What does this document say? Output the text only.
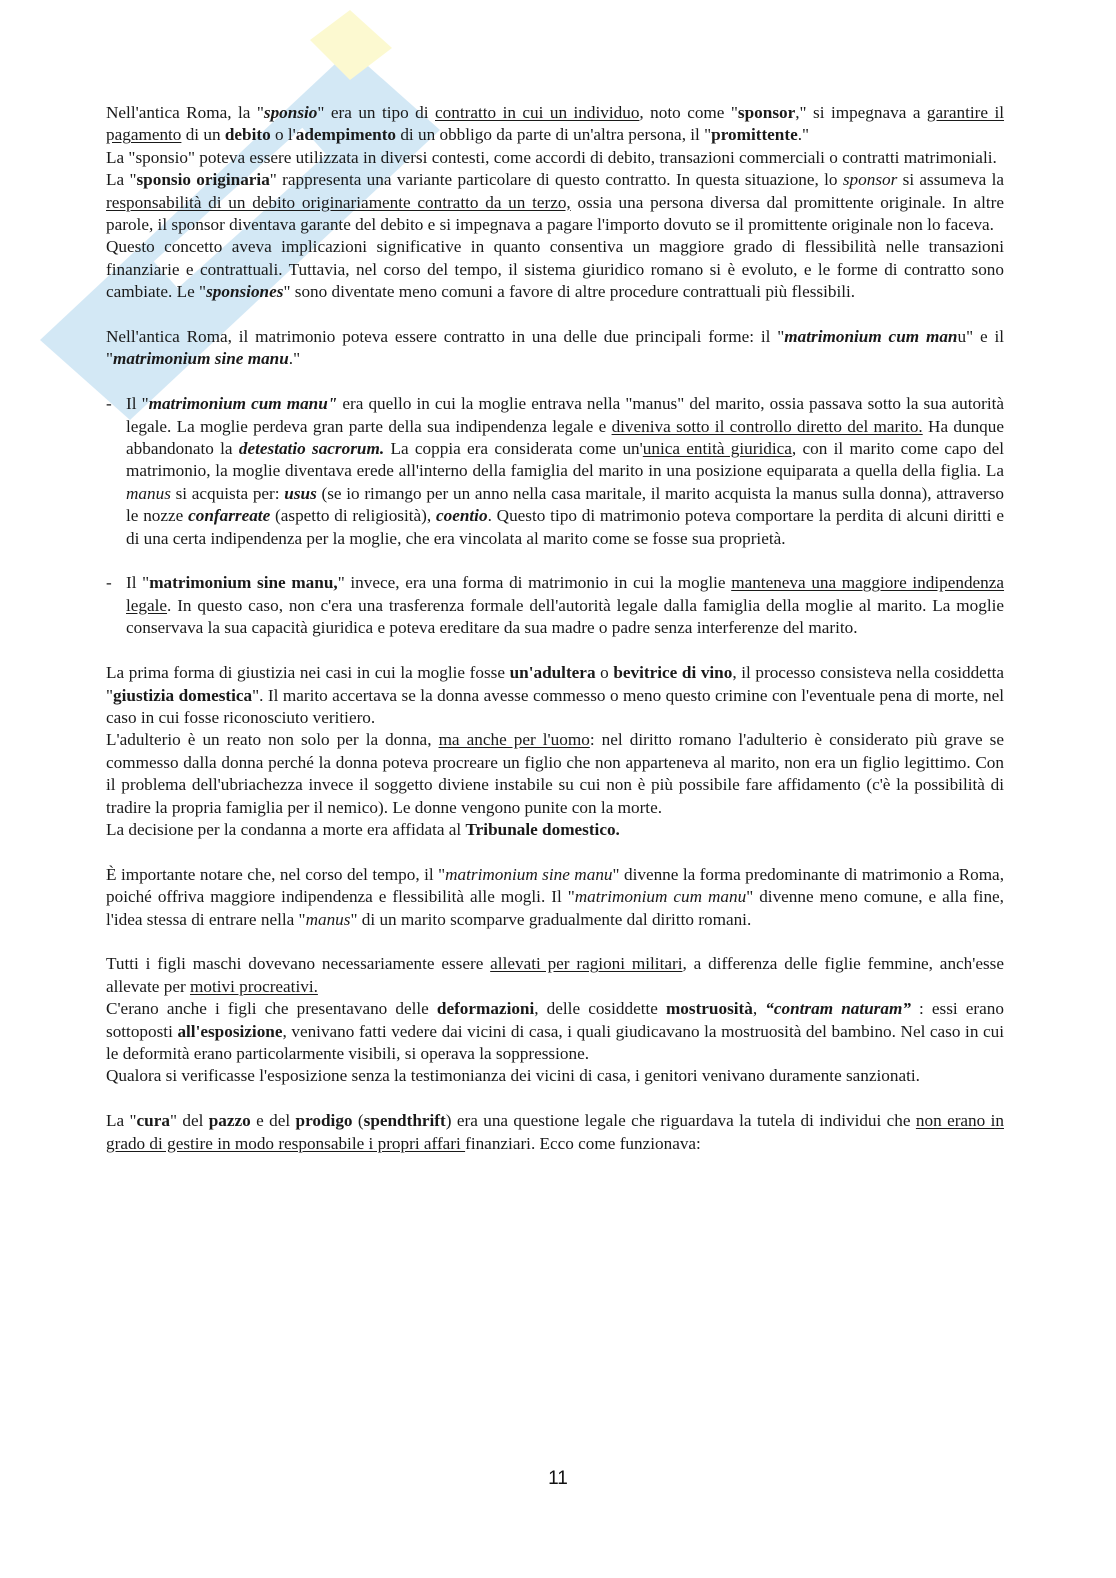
Nell'antica Roma, la "sponsio" era un tipo di contratto in cui un individuo, noto come "sponsor," si impegnava a garantire il pagamento di un debito o l'adempimento di un obbligo da parte di un'altra persona, il "promittente."

La "sponsio" poteva essere utilizzata in diversi contesti, come accordi di debito, transazioni commerciali o contratti matrimoniali.

La "sponsio originaria" rappresenta una variante particolare di questo contratto. In questa situazione, lo sponsor si assumeva la responsabilità di un debito originariamente contratto da un terzo, ossia una persona diversa dal promittente originale. In altre parole, il sponsor diventava garante del debito e si impegnava a pagare l'importo dovuto se il promittente originale non lo faceva.

Questo concetto aveva implicazioni significative in quanto consentiva un maggiore grado di flessibilità nelle transazioni finanziarie e contrattuali. Tuttavia, nel corso del tempo, il sistema giuridico romano si è evoluto, e le forme di contratto sono cambiate. Le "sponsiones" sono diventate meno comuni a favore di altre procedure contrattuali più flessibili.

Nell'antica Roma, il matrimonio poteva essere contratto in una delle due principali forme: il "matrimonium cum manu" e il "matrimonium sine manu."

- Il "matrimonium cum manu" era quello in cui la moglie entrava nella "manus" del marito, ossia passava sotto la sua autorità legale. La moglie perdeva gran parte della sua indipendenza legale e diveniva sotto il controllo diretto del marito. Ha dunque abbandonato la detestatio sacrorum. La coppia era considerata come un'unica entità giuridica, con il marito come capo del matrimonio, la moglie diventava erede all'interno della famiglia del marito in una posizione equiparata a quella della figlia. La manus si acquista per: usus (se io rimango per un anno nella casa maritale, il marito acquista la manus sulla donna), attraverso le nozze confarreate (aspetto di religiosità), coentio. Questo tipo di matrimonio poteva comportare la perdita di alcuni diritti e di una certa indipendenza per la moglie, che era vincolata al marito come se fosse sua proprietà.

- Il "matrimonium sine manu," invece, era una forma di matrimonio in cui la moglie manteneva una maggiore indipendenza legale. In questo caso, non c'era una trasferenza formale dell'autorità legale dalla famiglia della moglie al marito. La moglie conservava la sua capacità giuridica e poteva ereditare da sua madre o padre senza interferenze del marito.

La prima forma di giustizia nei casi in cui la moglie fosse un'adultera o bevitrice di vino, il processo consisteva nella cosiddetta "giustizia domestica". Il marito accertava se la donna avesse commesso o meno questo crimine con l'eventuale pena di morte, nel caso in cui fosse riconosciuto veritiero.

L'adulterio è un reato non solo per la donna, ma anche per l'uomo: nel diritto romano l'adulterio è considerato più grave se commesso dalla donna perché la donna poteva procreare un figlio che non apparteneva al marito, non era un figlio legittimo. Con il problema dell'ubriachezza invece il soggetto diviene instabile su cui non è più possibile fare affidamento (c'è la possibilità di tradire la propria famiglia per il nemico). Le donne vengono punite con la morte.

La decisione per la condanna a morte era affidata al Tribunale domestico.

È importante notare che, nel corso del tempo, il "matrimonium sine manu" divenne la forma predominante di matrimonio a Roma, poiché offriva maggiore indipendenza e flessibilità alle mogli. Il "matrimonium cum manu" divenne meno comune, e alla fine, l'idea stessa di entrare nella "manus" di un marito scomparve gradualmente dal diritto romani.

Tutti i figli maschi dovevano necessariamente essere allevati per ragioni militari, a differenza delle figlie femmine, anch'esse allevate per motivi procreativi.

C'erano anche i figli che presentavano delle deformazioni, delle cosiddette mostruosità, “contram naturam” : essi erano sottoposti all'esposizione, venivano fatti vedere dai vicini di casa, i quali giudicavano la mostruosità del bambino. Nel caso in cui le deformità erano particolarmente visibili, si operava la soppressione.

Qualora si verificasse l'esposizione senza la testimonianza dei vicini di casa, i genitori venivano duramente sanzionati.

La "cura" del pazzo e del prodigo (spendthrift) era una questione legale che riguardava la tutela di individui che non erano in grado di gestire in modo responsabile i propri affari finanziari. Ecco come funzionava:

11
